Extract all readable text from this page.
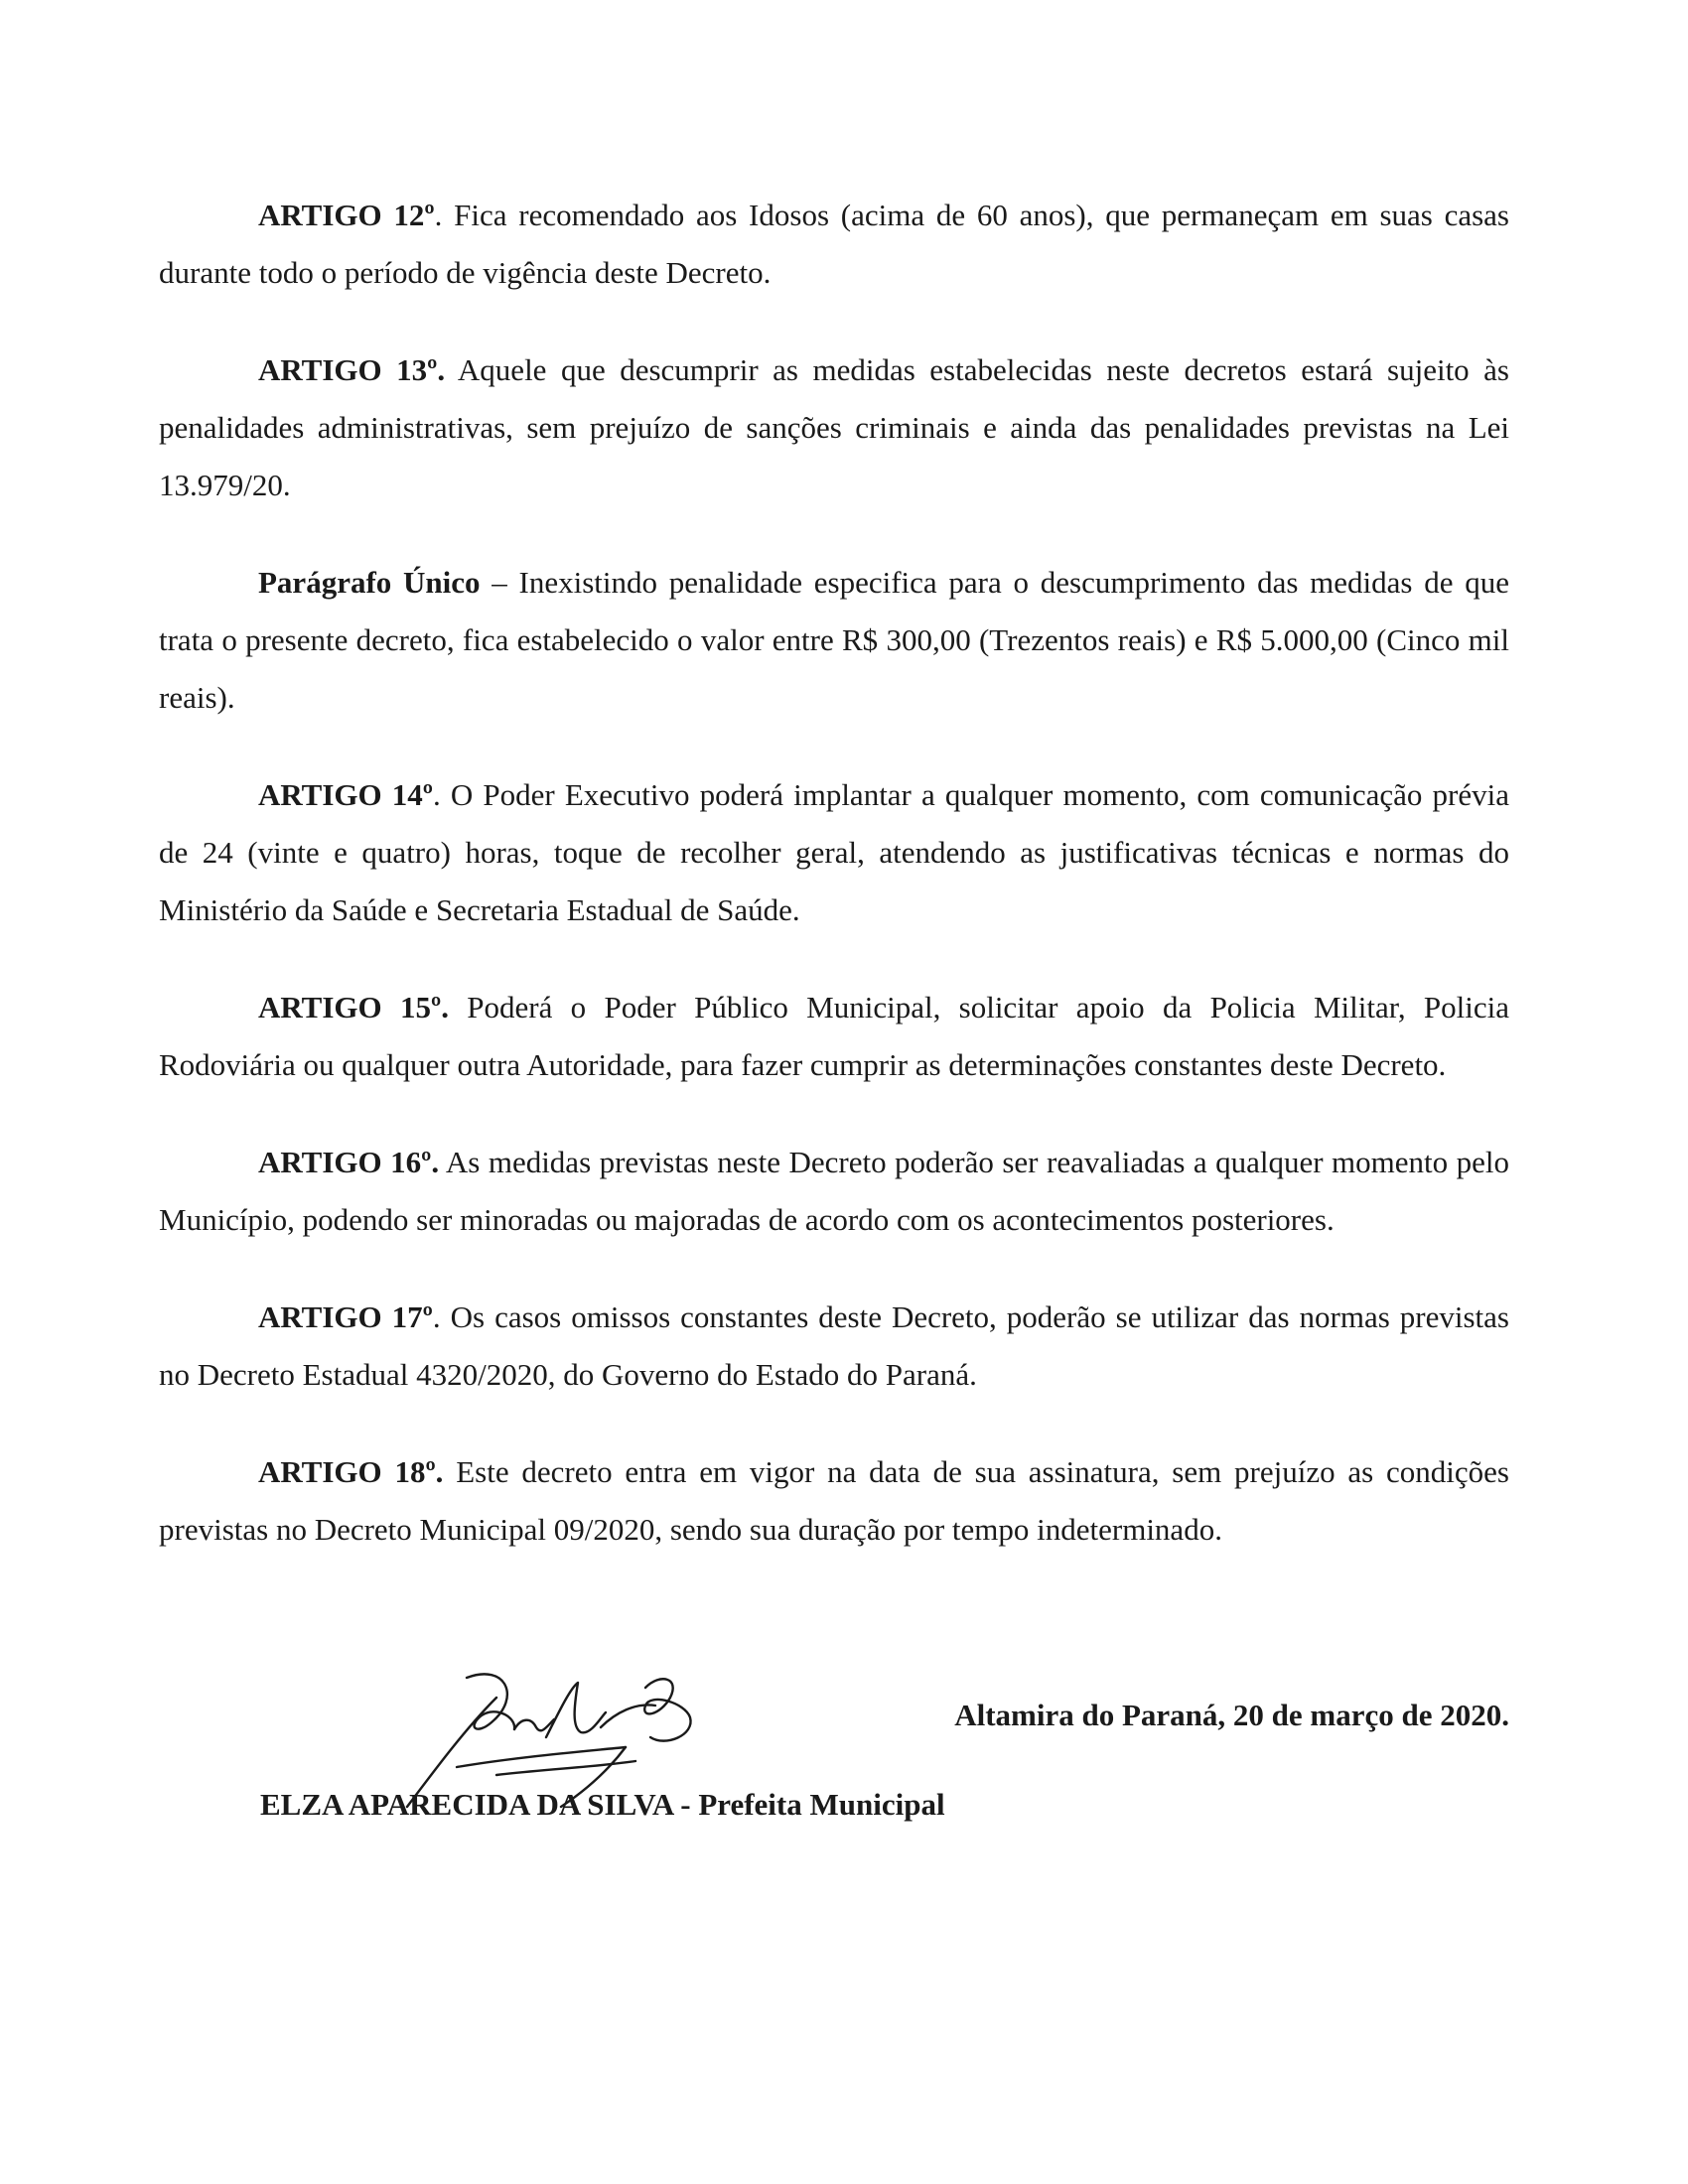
ARTIGO 12º. Fica recomendado aos Idosos (acima de 60 anos), que permaneçam em suas casas durante todo o período de vigência deste Decreto.

ARTIGO 13º. Aquele que descumprir as medidas estabelecidas neste decretos estará sujeito às penalidades administrativas, sem prejuízo de sanções criminais e ainda das penalidades previstas na Lei 13.979/20.

Parágrafo Único – Inexistindo penalidade especifica para o descumprimento das medidas de que trata o presente decreto, fica estabelecido o valor entre R$ 300,00 (Trezentos reais) e R$ 5.000,00 (Cinco mil reais).

ARTIGO 14º. O Poder Executivo poderá implantar a qualquer momento, com comunicação prévia de 24 (vinte e quatro) horas, toque de recolher geral, atendendo as justificativas técnicas e normas do Ministério da Saúde e Secretaria Estadual de Saúde.

ARTIGO 15º. Poderá o Poder Público Municipal, solicitar apoio da Policia Militar, Policia Rodoviária ou qualquer outra Autoridade, para fazer cumprir as determinações constantes deste Decreto.

ARTIGO 16º. As medidas previstas neste Decreto poderão ser reavaliadas a qualquer momento pelo Município, podendo ser minoradas ou majoradas de acordo com os acontecimentos posteriores.

ARTIGO 17º. Os casos omissos constantes deste Decreto, poderão se utilizar das normas previstas no Decreto Estadual 4320/2020, do Governo do Estado do Paraná.

ARTIGO 18º. Este decreto entra em vigor na data de sua assinatura, sem prejuízo as condições previstas no Decreto Municipal 09/2020, sendo sua duração por tempo indeterminado.

Altamira do Paraná, 20 de março de 2020.
ELZA APARECIDA DA SILVA - Prefeita Municipal
